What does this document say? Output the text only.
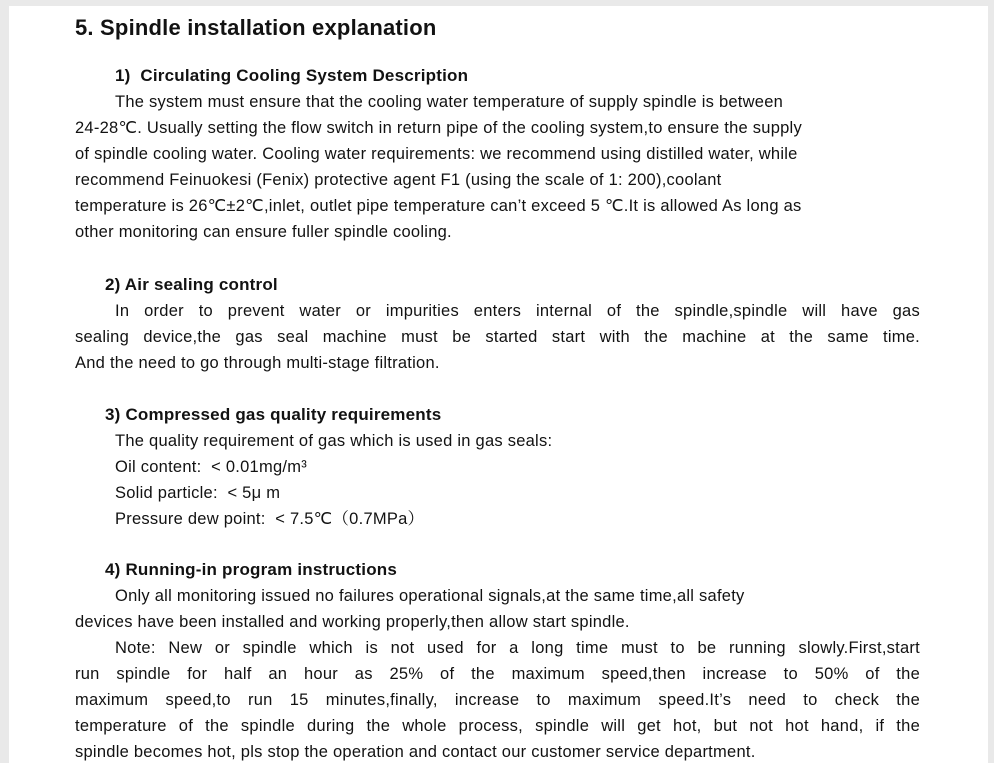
5. Spindle installation explanation
1)  Circulating Cooling System Description
The system must ensure that the cooling water temperature of supply spindle is between
24-28℃. Usually setting the flow switch in return pipe of the cooling system,to ensure the supply
of spindle cooling water. Cooling water requirements: we recommend using distilled water, while
recommend Feinuokesi (Fenix) protective agent F1 (using the scale of 1: 200),coolant
temperature is 26℃±2℃,inlet, outlet pipe temperature can’t exceed 5 ℃.It is allowed As long as
other monitoring can ensure fuller spindle cooling.
2) Air sealing control
In order to prevent water or impurities enters internal of the spindle,spindle will have gas
sealing device,the gas seal machine must be started start with the machine at the same time.
And the need to go through multi-stage filtration.
3) Compressed gas quality requirements
The quality requirement of gas which is used in gas seals:
Oil content:  < 0.01mg/m³
Solid particle:  < 5μ m
Pressure dew point:  < 7.5℃（0.7MPa）
4) Running-in program instructions
Only all monitoring issued no failures operational signals,at the same time,all safety
devices have been installed and working properly,then allow start spindle.
Note: New or spindle which is not used for a long time must to be running slowly.First,start
run spindle for half an hour as 25% of the maximum speed,then increase to 50% of the
maximum speed,to run 15 minutes,finally, increase to maximum speed.It’s need to check the
temperature of the spindle during the whole process, spindle will get hot, but not hot hand, if the
spindle becomes hot, pls stop the operation and contact our customer service department.
